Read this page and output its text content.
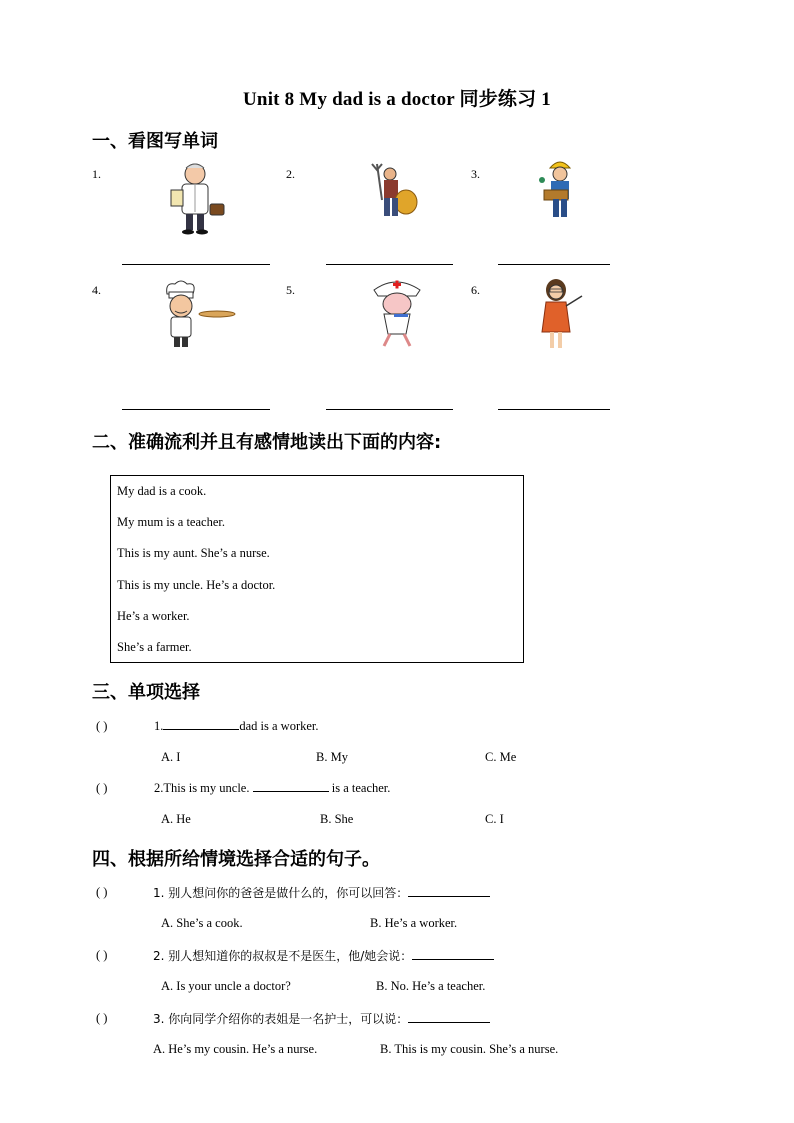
Unit 8 My dad is a doctor 同步练习 1
一、看图写单词
1.	2.	3.
4.	5.	6.
二、准确流利并且有感情地读出下面的内容:
My dad is a cook.
My mum is a teacher.
This is my aunt. She’s a nurse.
This is my uncle. He’s a doctor.
He’s a worker.
She’s a farmer.
三、单项选择
( )	1.	dad is a worker.
A. I	B. My	C. Me
( )	2.This is my uncle.	is a teacher.
A. He	B. She	C. I
四、根据所给情境选择合适的句子。
( )	1. 别人想问你的爸爸是做什么的，你可以回答：
A. She’s a cook.	B. He’s a worker.
( )	2. 别人想知道你的叔叔是不是医生，他/她会说：
A. Is your uncle a doctor?	B. No. He’s a teacher.
( )	3. 你向同学介绍你的表姐是一名护士，可以说：
A. He’s my cousin. He’s a nurse.	B. This is my cousin. She’s a nurse.
